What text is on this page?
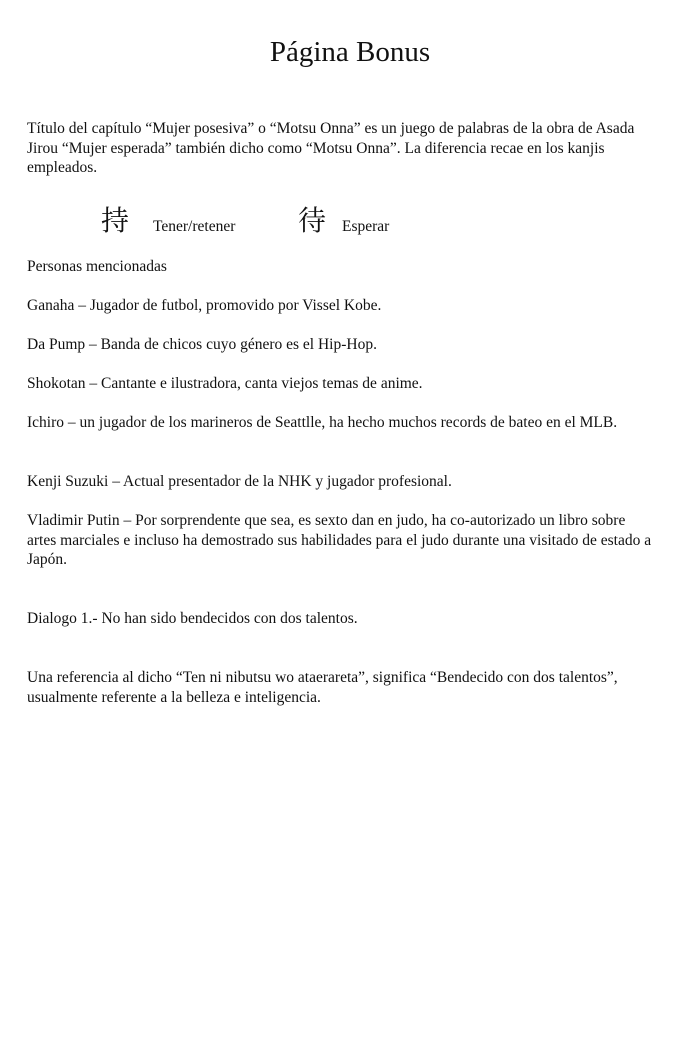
Página Bonus

Título del capítulo “Mujer posesiva” o “Motsu Onna” es un juego de palabras de la obra de Asada Jirou “Mujer esperada” también dicho como “Motsu Onna”. La diferencia recae en los kanjis empleados.

持 Tener/retener 待 Esperar

Personas mencionadas

Ganaha – Jugador de futbol, promovido por Vissel Kobe.

Da Pump – Banda de chicos cuyo género es el Hip-Hop.

Shokotan – Cantante e ilustradora, canta viejos temas de anime.

Ichiro – un jugador de los marineros de Seattlle, ha hecho muchos records de bateo en el MLB.

Kenji Suzuki – Actual presentador de la NHK y jugador profesional.

Vladimir Putin – Por sorprendente que sea, es sexto dan en judo, ha co-autorizado un libro sobre artes marciales e incluso ha demostrado sus habilidades para el judo durante una visitado de estado a Japón.

Dialogo 1.- No han sido bendecidos con dos talentos.

Una referencia al dicho “Ten ni nibutsu wo ataerareta”, significa “Bendecido con dos talentos”, usualmente referente a la belleza e inteligencia.
